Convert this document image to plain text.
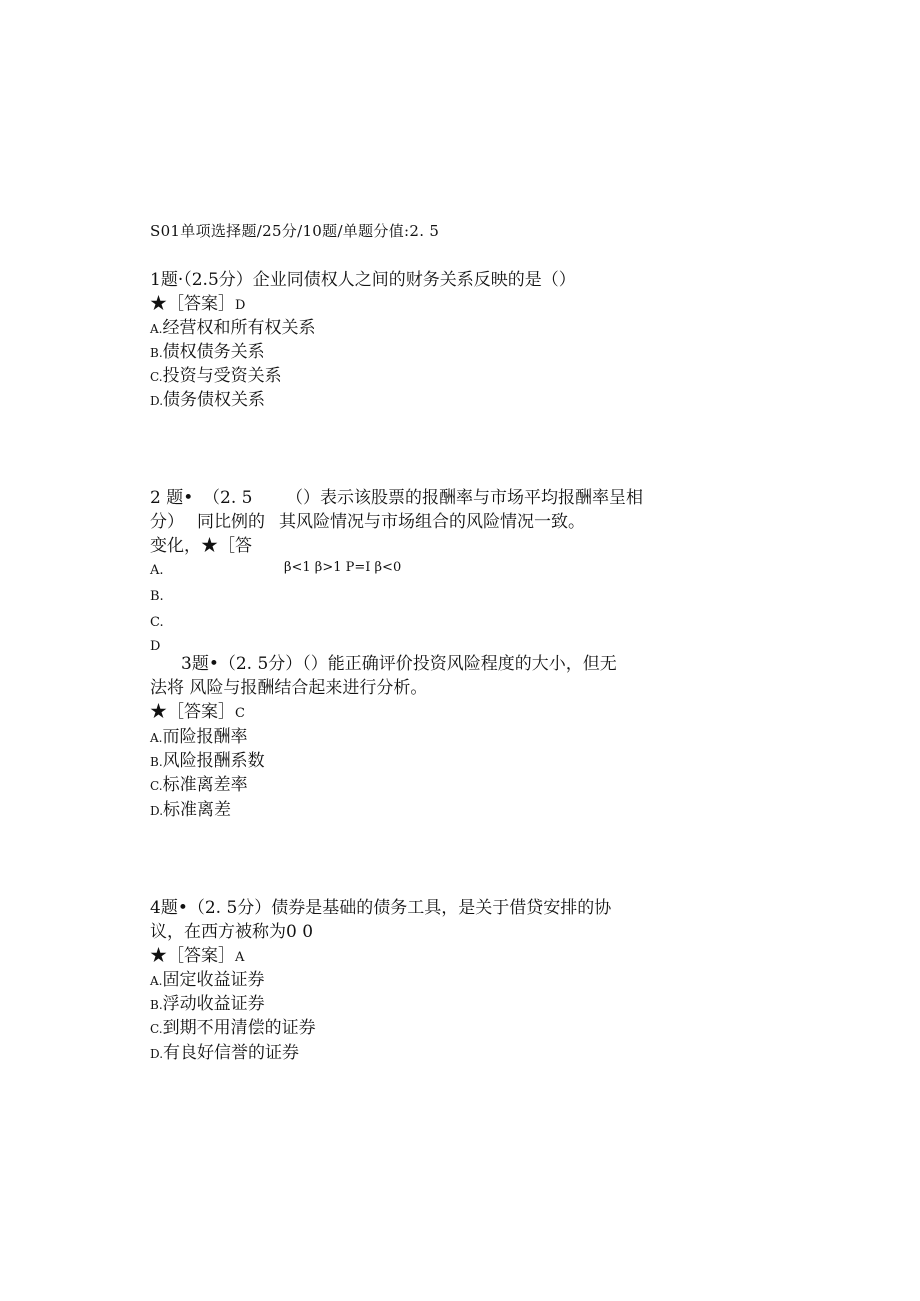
S01单项选择题/25分/10题/单题分值:2. 5
1题·（2.5分）企业同债权人之间的财务关系反映的是（）
★［答案］D
A.经营权和所有权关系
B.债权债务关系
C.投资与受资关系
D.债务债权关系
2 题• （2. 5 （）表示该股票的报酬率与市场平均报酬率呈相
分） 同比例的 其风险情况与市场组合的风险情况一致。
变化，★［答
A.	β<1 β>1 P=I β<0
B.
C.
D
3题•（2. 5分）（）能正确评价投资风险程度的大小，但无
法将 风险与报酬结合起来进行分析。
★［答案］C
A.而险报酬率
B.风险报酬系数
C.标准离差率
D.标准离差
4题•（2. 5分）债券是基础的债务工具，是关于借贷安排的协
议，在西方被称为0 0
★［答案］A
A.固定收益证券
B.浮动收益证券
C.到期不用清偿的证券
D.有良好信誉的证券
